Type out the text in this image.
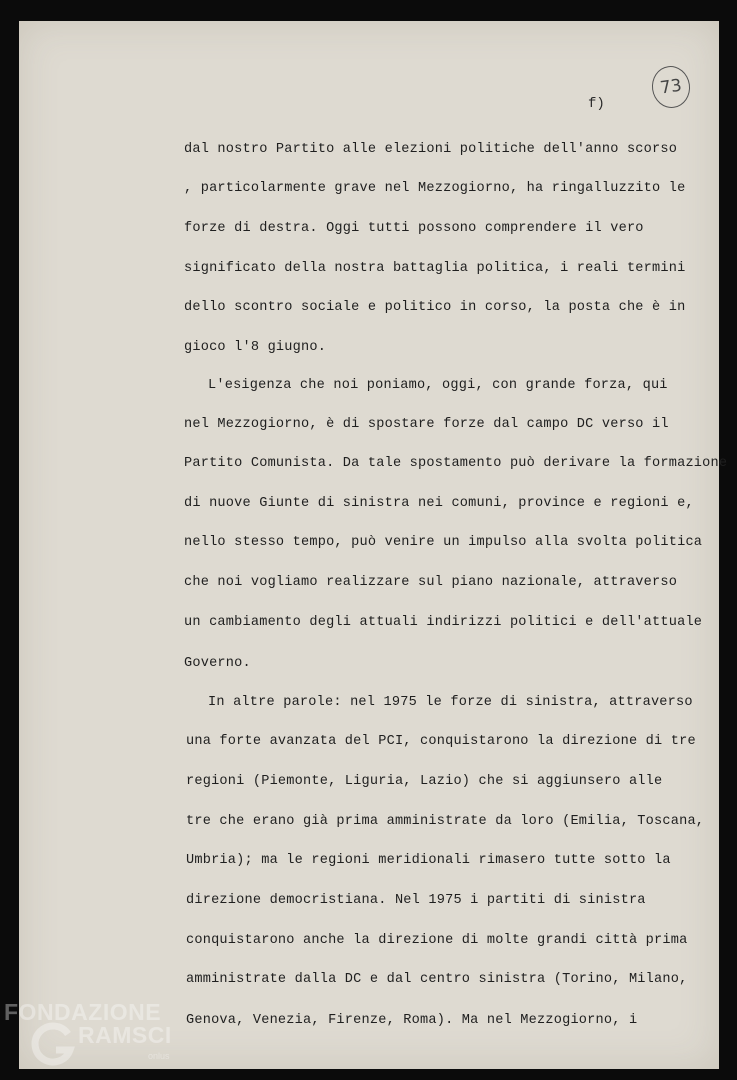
f)
73

dal nostro Partito alle elezioni politiche dell'anno scorso

, particolarmente grave nel Mezzogiorno, ha ringalluzzito le

forze di destra. Oggi tutti possono comprendere il vero

significato della nostra battaglia politica, i reali termini

dello scontro sociale e politico in corso, la posta che è in

gioco l'8 giugno.

L'esigenza che noi poniamo, oggi, con grande forza, qui

nel Mezzogiorno, è di spostare forze dal campo DC verso il

Partito Comunista. Da tale spostamento può derivare la formazione

di nuove Giunte di sinistra nei comuni, province e regioni e,

nello stesso tempo, può venire un impulso alla svolta politica

che noi vogliamo realizzare sul piano nazionale, attraverso

un cambiamento degli attuali indirizzi politici e dell'attuale

Governo.

In altre parole: nel 1975 le forze di sinistra, attraverso

una forte avanzata del PCI, conquistarono la direzione di tre

regioni (Piemonte, Liguria, Lazio) che si aggiunsero alle

tre che erano già prima amministrate da loro (Emilia, Toscana,

Umbria); ma le regioni meridionali rimasero tutte sotto la

direzione democristiana. Nel 1975 i partiti di sinistra

conquistarono anche la direzione di molte grandi città prima

amministrate dalla DC e dal centro sinistra (Torino, Milano,

Genova, Venezia, Firenze, Roma). Ma nel Mezzogiorno, i

FONDAZIONE
RAMSCI
onlus
